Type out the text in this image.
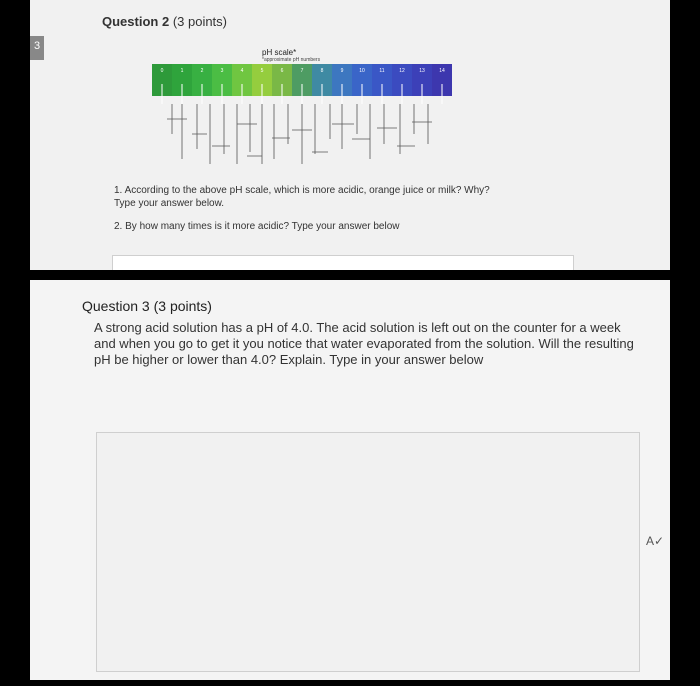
Question 2 (3 points)
pH scale*
*approximate pH numbers
0	1	2	3	4	5	6	7	8	9	10	11	12	13	14

1. According to the above pH scale, which is more acidic, orange juice or milk? Why?
Type your answer below.

2. By how many times is it more acidic? Type your answer below

3
Question 3 (3 points)
A strong acid solution has a pH of 4.0. The acid solution is left out on the counter for a week and when you go to get it you notice that water evaporated from the solution. Will the resulting pH be higher or lower than 4.0? Explain. Type in your answer below
A✓
